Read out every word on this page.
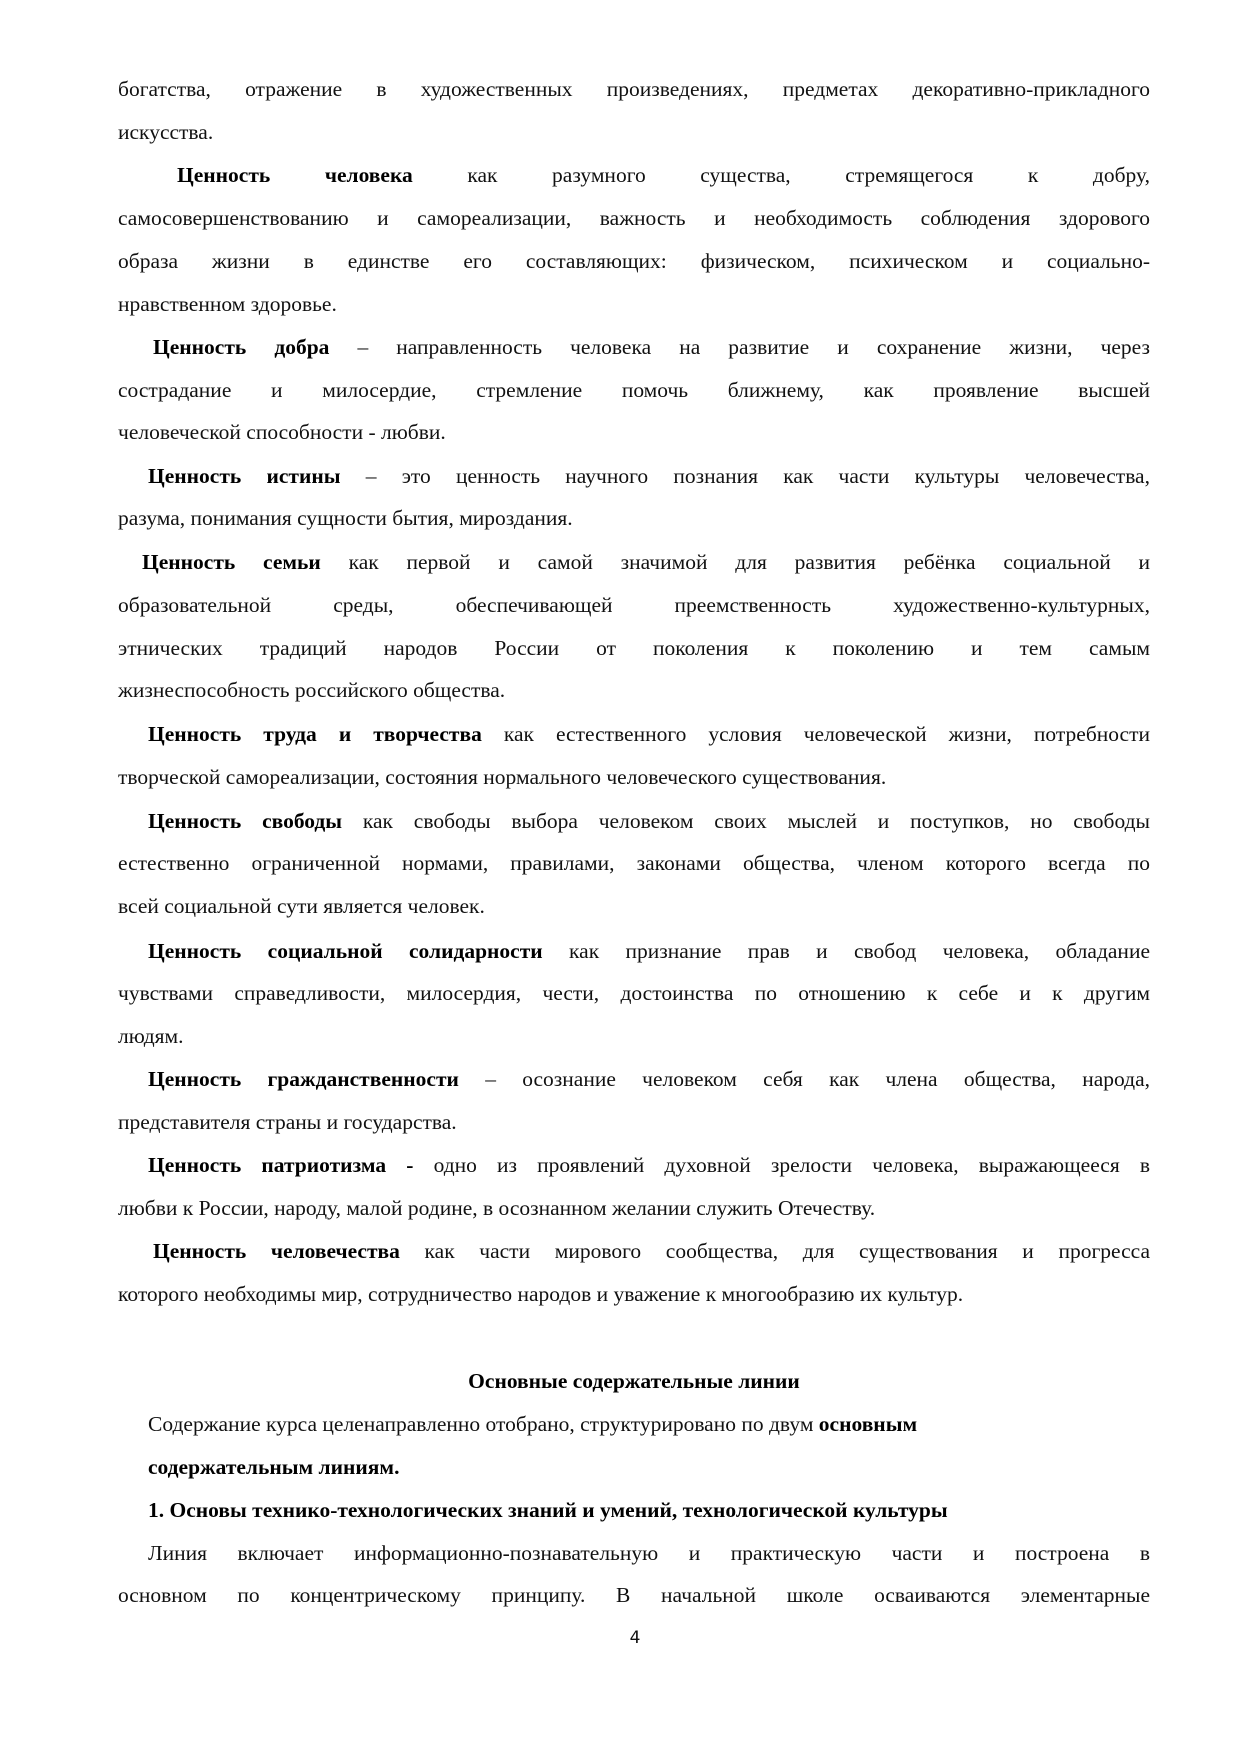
богатства, отражение в художественных произведениях, предметах декоративно-прикладного
искусства.
Ценность человека как разумного существа, стремящегося к добру,
самосовершенствованию и самореализации, важность и необходимость соблюдения здорового
образа жизни в единстве его составляющих: физическом, психическом и социально-
нравственном здоровье.
Ценность добра – направленность человека на развитие и сохранение жизни, через
сострадание и милосердие, стремление помочь ближнему, как проявление высшей
человеческой способности - любви.
Ценность истины – это ценность научного познания как части культуры человечества,
разума, понимания сущности бытия, мироздания.
Ценность семьи как первой и самой значимой для развития ребёнка социальной и
образовательной среды, обеспечивающей преемственность художественно-культурных,
этнических традиций народов России от поколения к поколению и тем самым
жизнеспособность российского общества.
Ценность труда и творчества как естественного условия человеческой жизни, потребности
творческой самореализации, состояния нормального человеческого существования.
Ценность свободы как свободы выбора человеком своих мыслей и поступков, но свободы
естественно ограниченной нормами, правилами, законами общества, членом которого всегда по
всей социальной сути является человек.
Ценность социальной солидарности как признание прав и свобод человека, обладание
чувствами справедливости, милосердия, чести, достоинства по отношению к себе и к другим
людям.
Ценность гражданственности – осознание человеком себя как члена общества, народа,
представителя страны и государства.
Ценность патриотизма - одно из проявлений духовной зрелости человека, выражающееся в
любви к России, народу, малой родине, в осознанном желании служить Отечеству.
Ценность человечества как части мирового сообщества, для существования и прогресса
которого необходимы мир, сотрудничество народов и уважение к многообразию их культур.
Основные содержательные линии
Содержание курса целенаправленно отобрано, структурировано по двум основным
содержательным линиям.
1. Основы технико-технологических знаний и умений, технологической культуры
Линия включает информационно-познавательную и практическую части и построена в
основном по концентрическому принципу. В начальной школе осваиваются элементарные
4
